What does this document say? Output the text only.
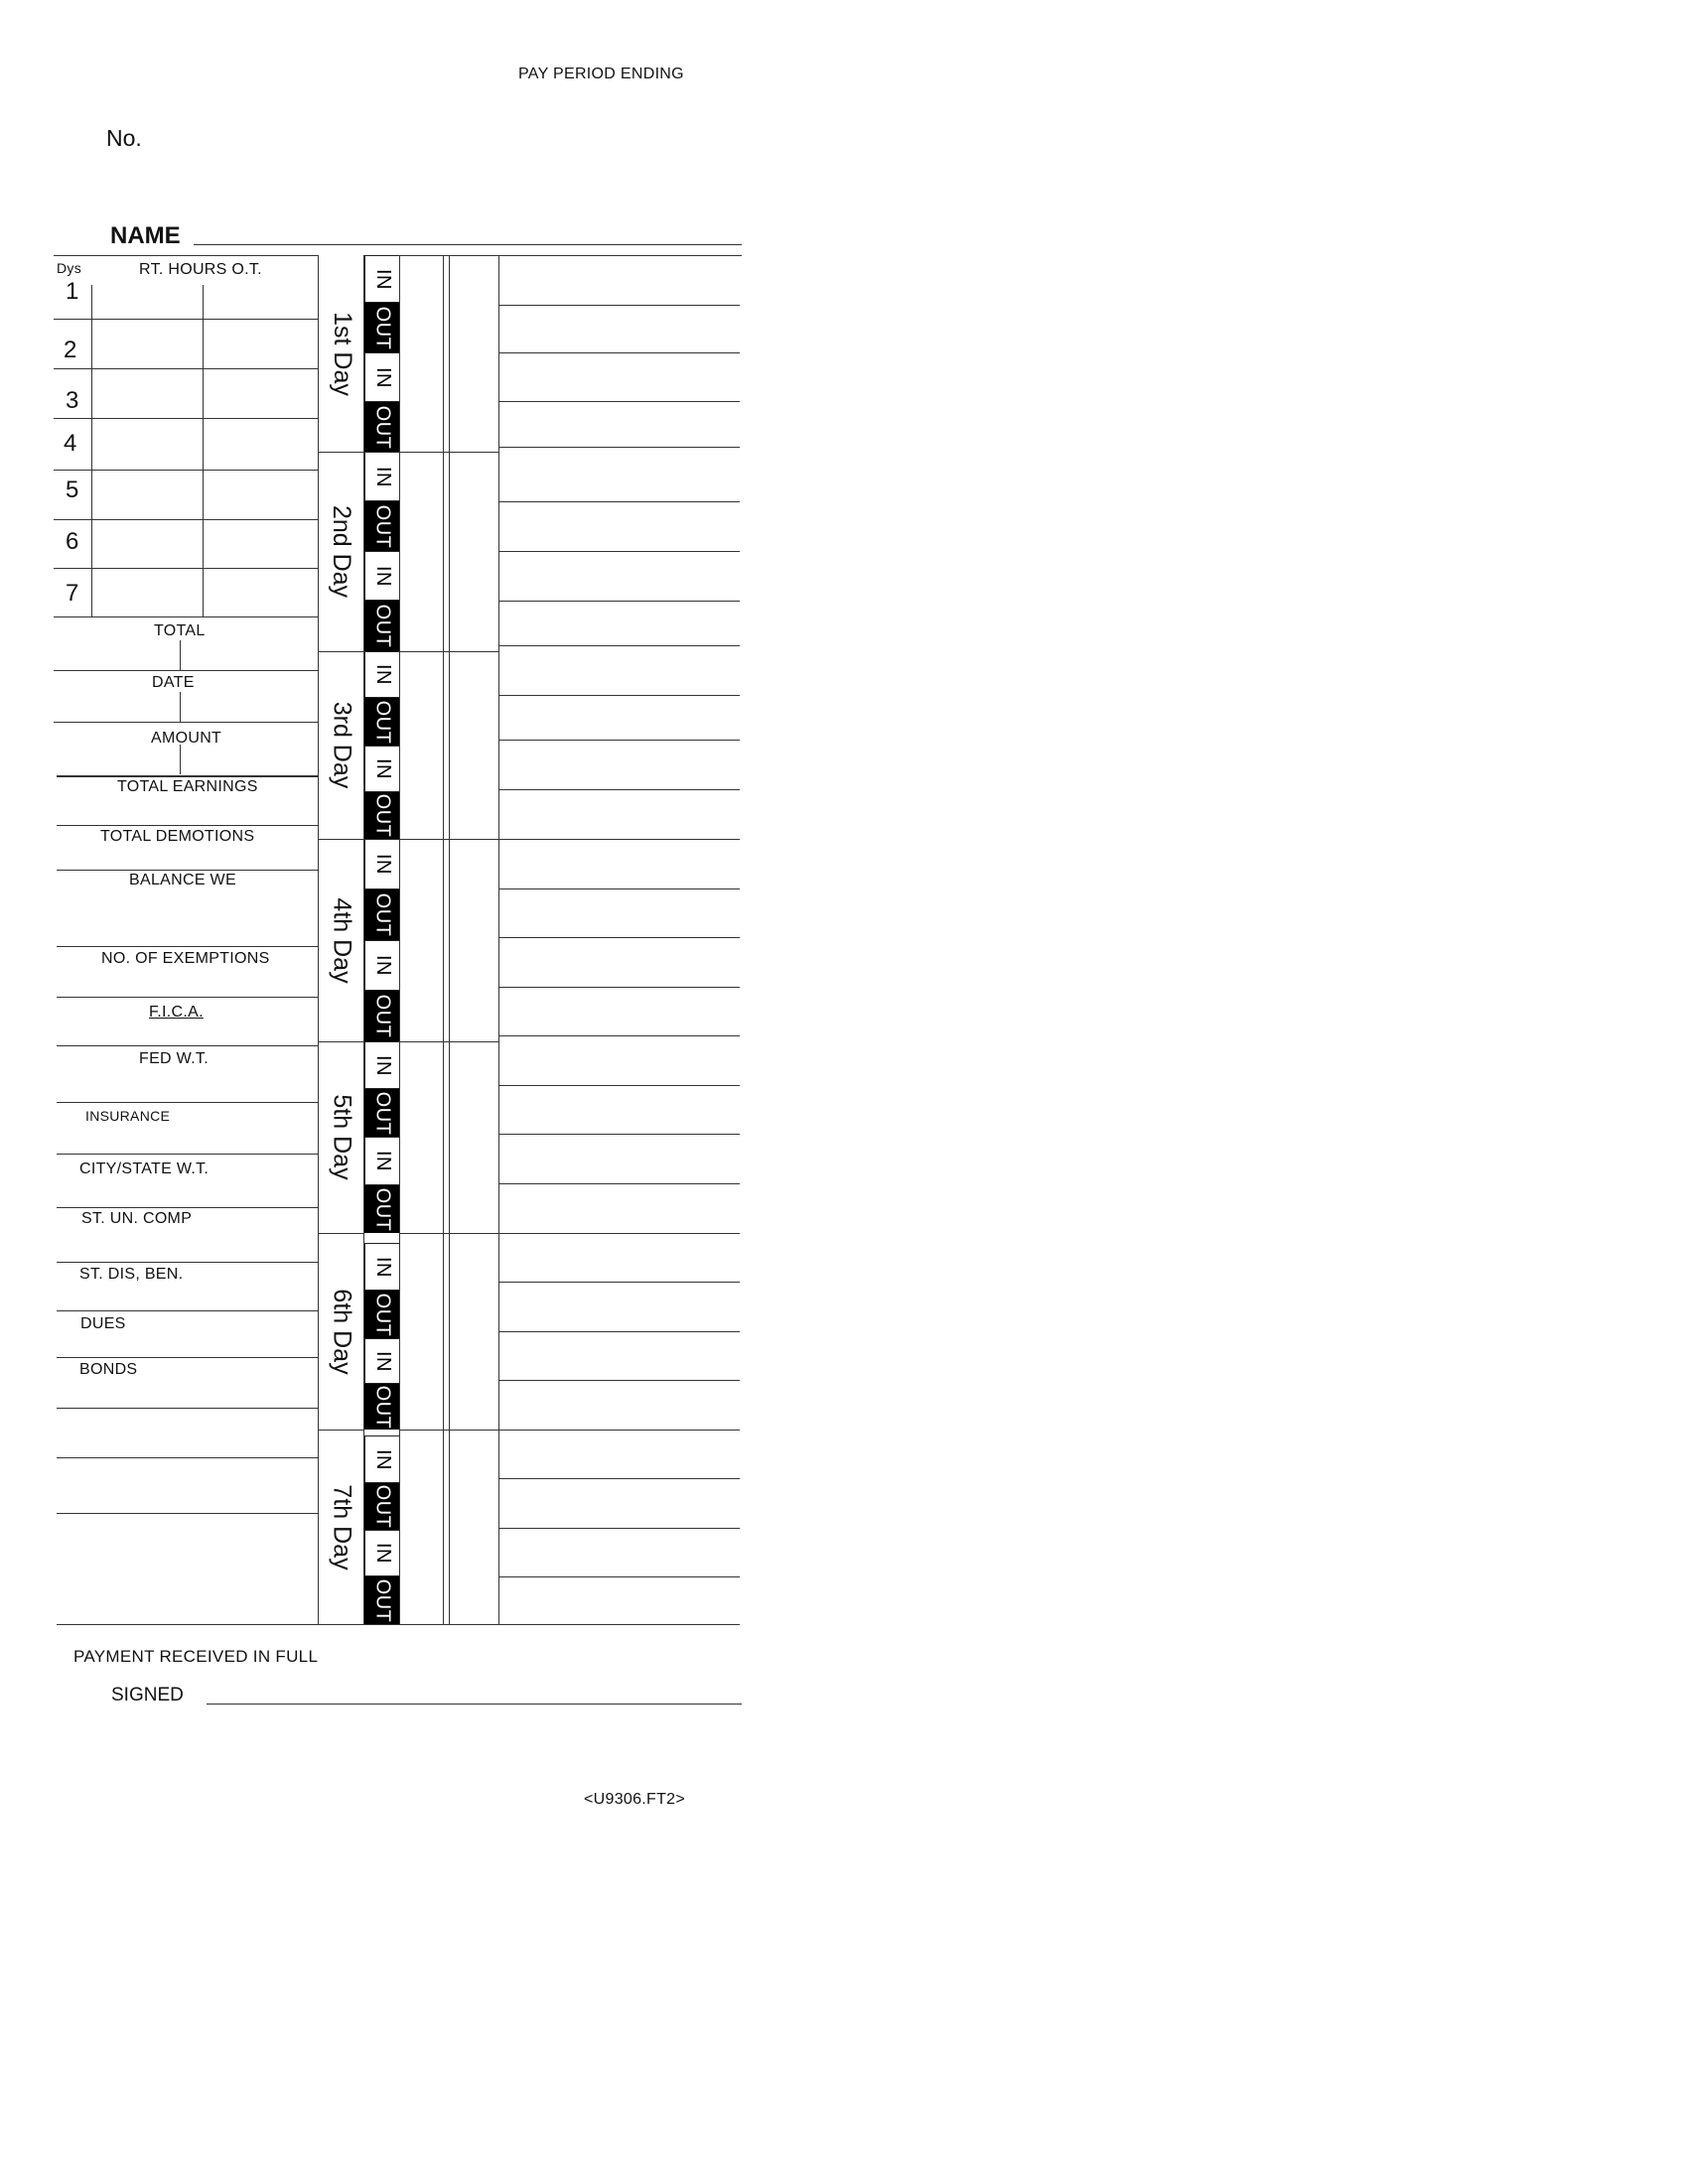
PAY PERIOD ENDING
No.
NAME
Dys	RT. HOURS O.T.
1
2
3
4
5
6
7
TOTAL
DATE
AMOUNT
TOTAL EARNINGS
TOTAL DEMOTIONS
BALANCE WE
NO. OF EXEMPTIONS
F.I.C.A.
FED W.T.
INSURANCE
CITY/STATE W.T.
ST. UN. COMP
ST. DIS, BEN.
DUES
BONDS
1st Day
2nd Day
3rd Day
4th Day
5th Day
6th Day
7th Day
IN
OUT
IN
OUT
IN
OUT
IN
OUT
IN
OUT
IN
OUT
IN
OUT
IN
OUT
IN
OUT
IN
OUT
IN
OUT
IN
OUT
IN
OUT
IN
OUT
PAYMENT RECEIVED IN FULL
SIGNED
<U9306.FT2>
